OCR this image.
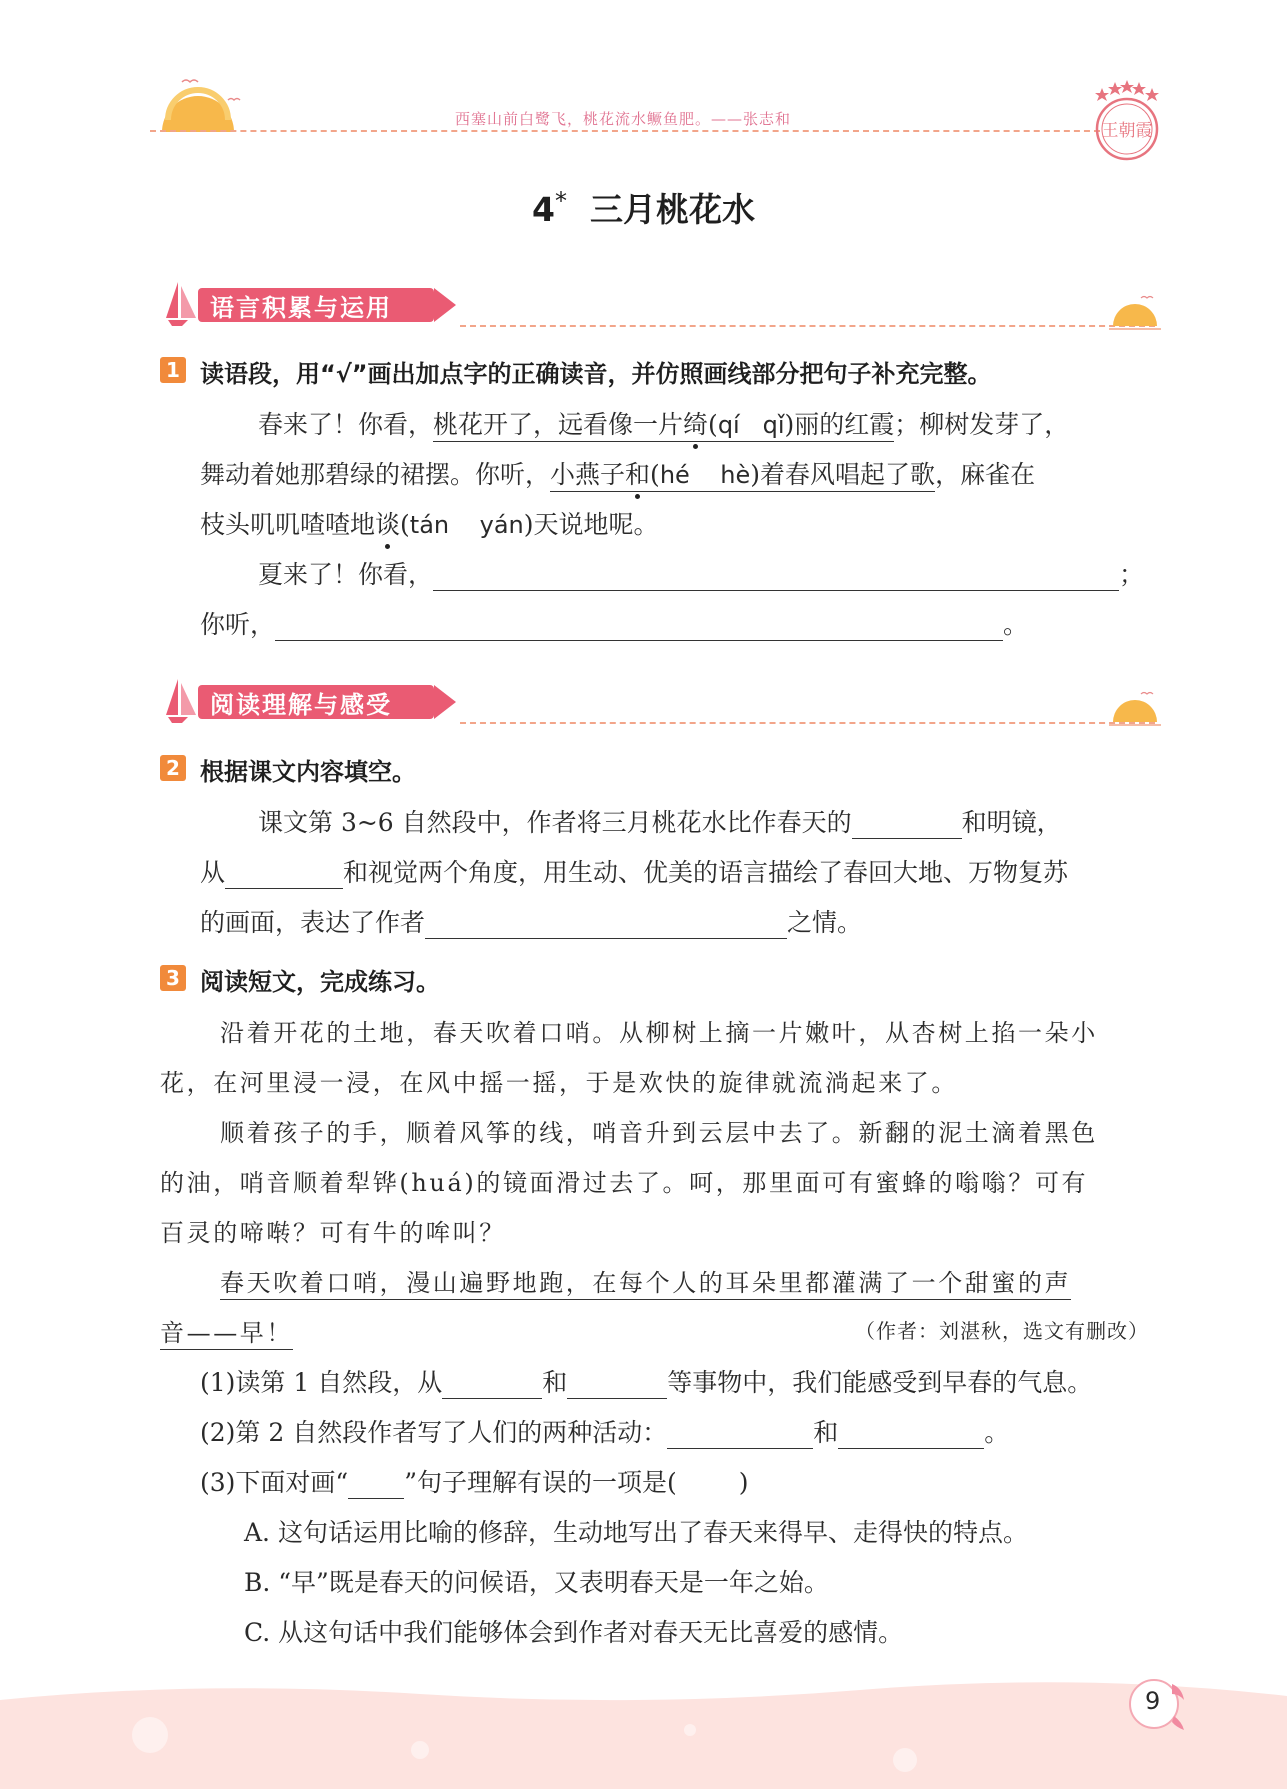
西塞山前白鹭飞，桃花流水鳜鱼肥。——张志和
王朝霞
4* 三月桃花水
语言积累与运用
1 读语段，用“√”画出加点字的正确读音，并仿照画线部分把句子补充完整。
春来了！你看，桃花开了，远看像一片绮(qí   qǐ)丽的红霞；柳树发芽了，
舞动着她那碧绿的裙摆。你听，小燕子和(hé    hè)着春风唱起了歌，麻雀在
枝头叽叽喳喳地谈(tán    yán)天说地呢。
夏来了！你看，	；
你听，	。
阅读理解与感受
2 根据课文内容填空。
课文第 3~6 自然段中，作者将三月桃花水比作春天的	和明镜，
从	和视觉两个角度，用生动、优美的语言描绘了春回大地、万物复苏
的画面，表达了作者	之情。
3 阅读短文，完成练习。
沿着开花的土地，春天吹着口哨。从柳树上摘一片嫩叶，从杏树上掐一朵小
花，在河里浸一浸，在风中摇一摇，于是欢快的旋律就流淌起来了。
顺着孩子的手，顺着风筝的线，哨音升到云层中去了。新翻的泥土滴着黑色
的油，哨音顺着犁铧(huá)的镜面滑过去了。呵，那里面可有蜜蜂的嗡嗡？可有
百灵的啼啭？可有牛的哞叫？
春天吹着口哨，漫山遍野地跑，在每个人的耳朵里都灌满了一个甜蜜的声
音——早！	（作者：刘湛秋，选文有删改）
(1)读第 1 自然段，从	和	等事物中，我们能感受到早春的气息。
(2)第 2 自然段作者写了人们的两种活动：	和	。
(3)下面对画“ ”句子理解有误的一项是( )
A. 这句话运用比喻的修辞，生动地写出了春天来得早、走得快的特点。
B. “早”既是春天的问候语，又表明春天是一年之始。
C. 从这句话中我们能够体会到作者对春天无比喜爱的感情。
9
